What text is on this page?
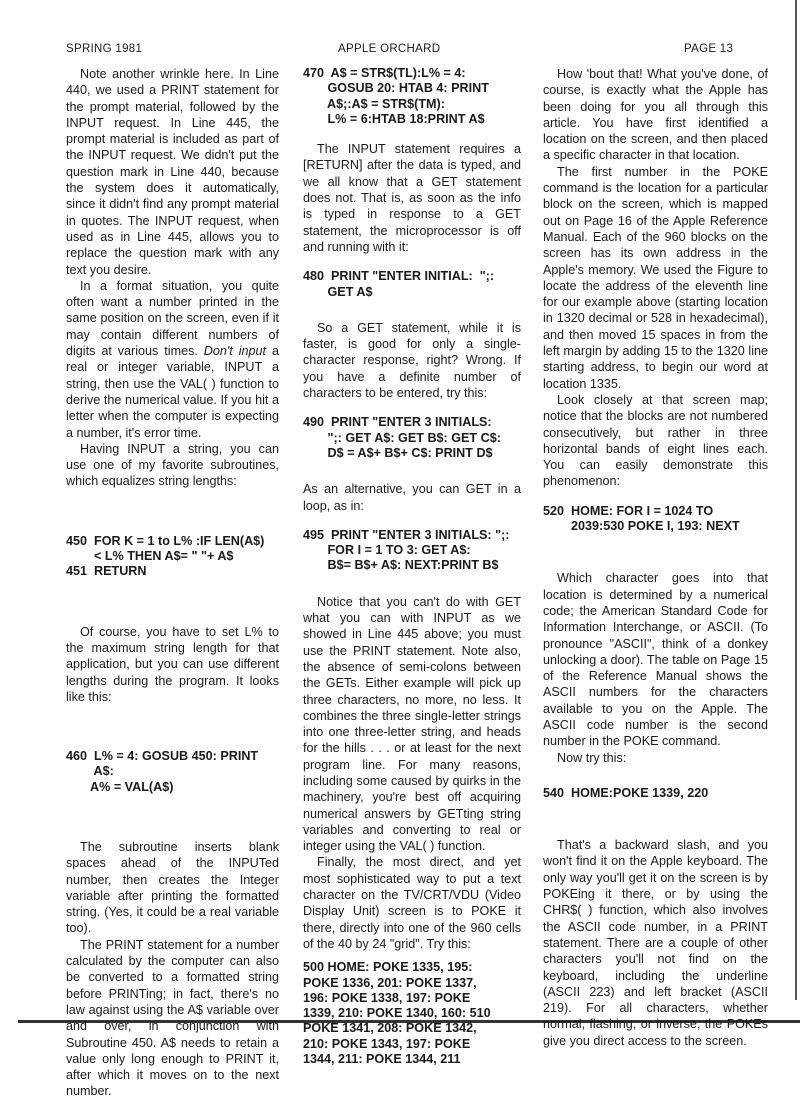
SPRING 1981	APPLE ORCHARD	PAGE 13

Note another wrinkle here. In Line 440, we used a PRINT statement for the prompt material, followed by the INPUT request. In Line 445, the prompt material is included as part of the INPUT request. We didn't put the question mark in Line 440, because the system does it automatically, since it didn't find any prompt material in quotes. The INPUT request, when used as in Line 445, allows you to replace the question mark with any text you desire.

In a format situation, you quite often want a number printed in the same position on the screen, even if it may contain different numbers of digits at various times. Don't input a real or integer variable, INPUT a string, then use the VAL( ) function to derive the numerical value. If you hit a letter when the computer is expecting a number, it's error time.

Having INPUT a string, you can use one of my favorite subroutines, which equalizes string lengths:

450  FOR K = 1 to L% :IF LEN(A$)
< L% THEN A$= " "+ A$
451  RETURN

Of course, you have to set L% to the maximum string length for that application, but you can use different lengths during the program. It looks like this:

460  L% = 4: GOSUB 450: PRINT
A$:
A% = VAL(A$)

The subroutine inserts blank spaces ahead of the INPUTed number, then creates the Integer variable after printing the formatted string. (Yes, it could be a real variable too).

The PRINT statement for a number calculated by the computer can also be converted to a formatted string before PRINTing; in fact, there's no law against using the A$ variable over and over, in conjunction with Subroutine 450. A$ needs to retain a value only long enough to PRINT it, after which it moves on to the next number.

470  A$ = STR$(TL):L% = 4:
GOSUB 20: HTAB 4: PRINT
A$;:A$ = STR$(TM):
L% = 6:HTAB 18:PRINT A$

The INPUT statement requires a [RETURN] after the data is typed, and we all know that a GET statement does not. That is, as soon as the info is typed in response to a GET statement, the microprocessor is off and running with it:

480  PRINT "ENTER INITIAL:  ";:
GET A$

So a GET statement, while it is faster, is good for only a single-character response, right? Wrong. If you have a definite number of characters to be entered, try this:

490  PRINT "ENTER 3 INITIALS:
";: GET A$: GET B$: GET C$:
D$ = A$+ B$+ C$: PRINT D$

As an alternative, you can GET in a loop, as in:

495  PRINT "ENTER 3 INITIALS: ";:
FOR I = 1 TO 3: GET A$:
B$= B$+ A$: NEXT:PRINT B$

Notice that you can't do with GET what you can with INPUT as we showed in Line 445 above; you must use the PRINT statement. Note also, the absence of semi-colons between the GETs. Either example will pick up three characters, no more, no less. It combines the three single-letter strings into one three-letter string, and heads for the hills . . . or at least for the next program line. For many reasons, including some caused by quirks in the machinery, you're best off acquiring numerical answers by GETting string variables and converting to real or integer using the VAL( ) function.

Finally, the most direct, and yet most sophisticated way to put a text character on the TV/CRT/VDU (Video Display Unit) screen is to POKE it there, directly into one of the 960 cells of the 40 by 24 "grid". Try this:

500 HOME: POKE 1335, 195:
POKE 1336, 201: POKE 1337,
196: POKE 1338, 197: POKE
1339, 210: POKE 1340, 160: 510
POKE 1341, 208: POKE 1342,
210: POKE 1343, 197: POKE
1344, 211: POKE 1344, 211

How 'bout that! What you've done, of course, is exactly what the Apple has been doing for you all through this article. You have first identified a location on the screen, and then placed a specific character in that location.

The first number in the POKE command is the location for a particular block on the screen, which is mapped out on Page 16 of the Apple Reference Manual. Each of the 960 blocks on the screen has its own address in the Apple's memory. We used the Figure to locate the address of the eleventh line for our example above (starting location in 1320 decimal or 528 in hexadecimal), and then moved 15 spaces in from the left margin by adding 15 to the 1320 line starting address, to begin our word at location 1335.

Look closely at that screen map; notice that the blocks are not numbered consecutively, but rather in three horizontal bands of eight lines each. You can easily demonstrate this phenomenon:

520  HOME: FOR I = 1024 TO
2039:530 POKE I, 193: NEXT

Which character goes into that location is determined by a numerical code; the American Standard Code for Information Interchange, or ASCII. (To pronounce "ASCII", think of a donkey unlocking a door). The table on Page 15 of the Reference Manual shows the ASCII numbers for the characters available to you on the Apple. The ASCII code number is the second number in the POKE command.

Now try this:

540  HOME:POKE 1339, 220

That's a backward slash, and you won't find it on the Apple keyboard. The only way you'll get it on the screen is by POKEing it there, or by using the CHR$( ) function, which also involves the ASCII code number, in a PRINT statement. There are a couple of other characters you'll not find on the keyboard, including the underline (ASCII 223) and left bracket (ASCII 219). For all characters, whether normal, flashing, or inverse, the POKEs give you direct access to the screen.
